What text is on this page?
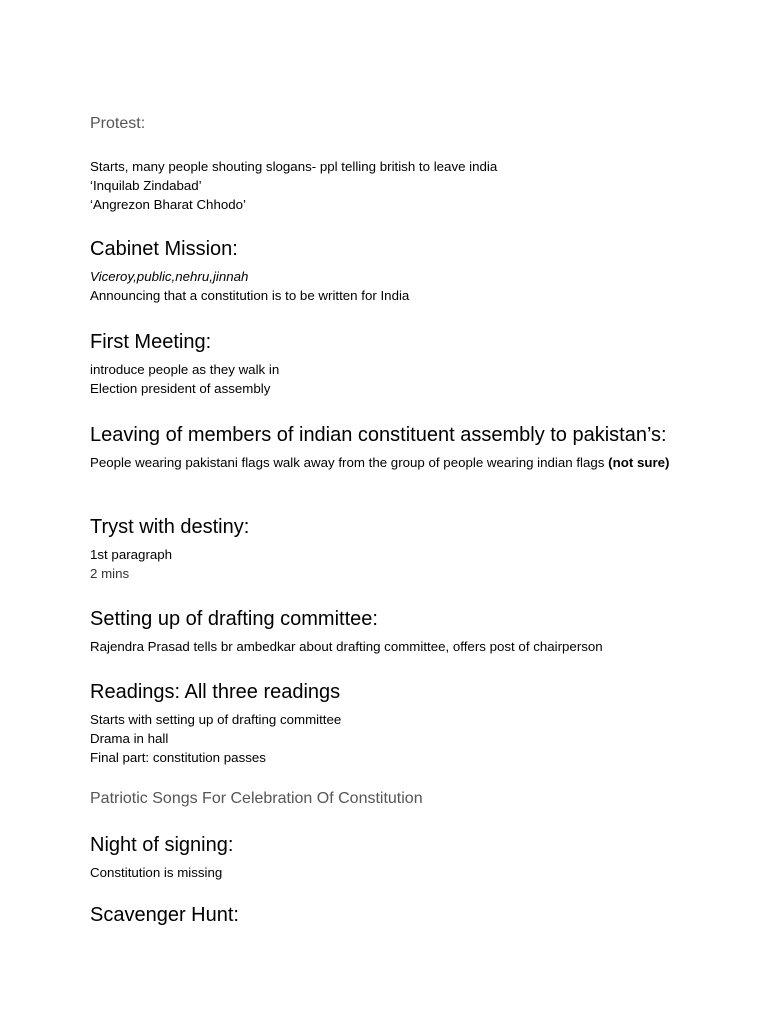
Protest:

Starts, many people shouting slogans- ppl telling british to leave india

‘Inquilab Zindabad’

‘Angrezon Bharat Chhodo’

Cabinet Mission:

Viceroy,public,nehru,jinnah

Announcing that a constitution is to be written for India

First Meeting:

introduce people as they walk in

Election president of assembly

Leaving of members of indian constituent assembly to pakistan’s:

People wearing pakistani flags walk away from the group of people wearing indian flags (not sure)

Tryst with destiny:

1st paragraph

2 mins

Setting up of drafting committee:

Rajendra Prasad tells br ambedkar about drafting committee, offers post of chairperson

Readings: All three readings

Starts with setting up of drafting committee

Drama in hall

Final part: constitution passes

Patriotic Songs For Celebration Of Constitution

Night of signing:

Constitution is missing

Scavenger Hunt:
